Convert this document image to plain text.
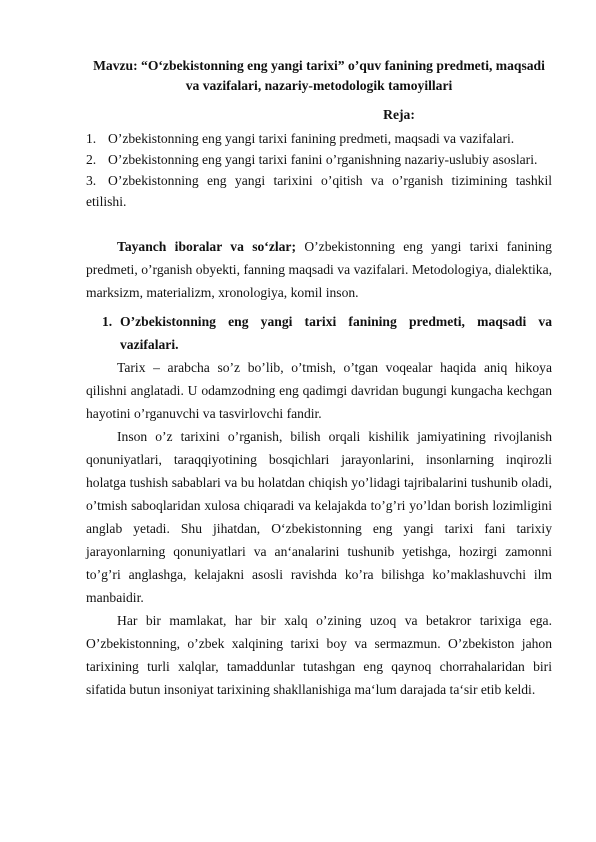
Mavzu: “O‘zbekistonning eng yangi tarixi” o’quv fanining predmeti, maqsadi
va vazifalari, nazariy-metodologik tamoyillari
Reja:
1. O’zbekistonning eng yangi tarixi fanining predmeti, maqsadi va vazifalari.
2. O’zbekistonning eng yangi tarixi fanini o’rganishning nazariy-uslubiy asoslari.
3. O’zbekistonning eng yangi tarixini o’qitish va o’rganish tizimining tashkil etilishi.

Tayanch iboralar va so‘zlar; O’zbekistonning eng yangi tarixi fanining predmeti, o’rganish obyekti, fanning maqsadi va vazifalari. Metodologiya, dialektika, marksizm, materializm, xronologiya, komil inson.

1. O’zbekistonning eng yangi tarixi fanining predmeti, maqsadi va vazifalari.

Tarix – arabcha so’z bo’lib, o’tmish, o’tgan voqealar haqida aniq hikoya qilishni anglatadi. U odamzodning eng qadimgi davridan bugungi kungacha kechgan hayotini o’rganuvchi va tasvirlovchi fandir.

Inson o’z tarixini o’rganish, bilish orqali kishilik jamiyatining rivojlanish qonuniyatlari, taraqqiyotining bosqichlari jarayonlarini, insonlarning inqirozli holatga tushish sabablari va bu holatdan chiqish yo’lidagi tajribalarini tushunib oladi, o’tmish saboqlaridan xulosa chiqaradi va kelajakda to’g’ri yo’ldan borish lozimligini anglab yetadi. Shu jihatdan, O‘zbekistonning eng yangi tarixi fani tarixiy jarayonlarning qonuniyatlari va an‘analarini tushunib yetishga, hozirgi zamonni to’g’ri anglashga, kelajakni asosli ravishda ko’ra bilishga ko’maklashuvchi ilm manbaidir.

Har bir mamlakat, har bir xalq o’zining uzoq va betakror tarixiga ega. O’zbekistonning, o’zbek xalqining tarixi boy va sermazmun. O’zbekiston jahon tarixining turli xalqlar, tamaddunlar tutashgan eng qaynoq chorrahalaridan biri sifatida butun insoniyat tarixining shakllanishiga ma‘lum darajada ta‘sir etib keldi.
